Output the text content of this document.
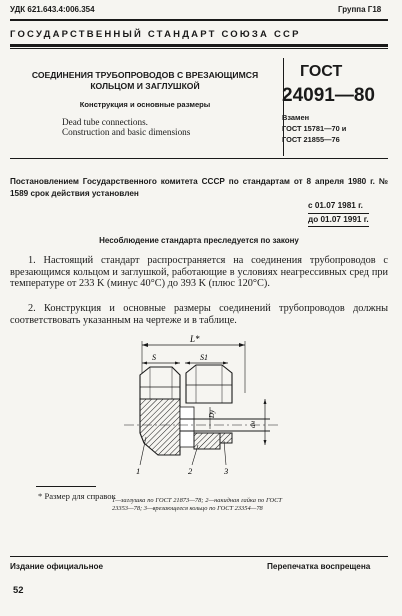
УДК 621.643.4:006.354	Группа Г18
ГОСУДАРСТВЕННЫЙ СТАНДАРТ СОЮЗА ССР
СОЕДИНЕНИЯ ТРУБОПРОВОДОВ С ВРЕЗАЮЩИМСЯ
КОЛЬЦОМ И ЗАГЛУШКОЙ
Конструкция и основные размеры
Dead tube connections.
Construction and basic dimensions
ГОСТ
24091—80
Взамен
ГОСТ 15781—70 и
ГОСТ 21855—76
Постановлением Государственного комитета СССР по стандартам от 8 апреля 1980 г. № 1589 срок действия установлен
с 01.07 1981 г.
до 01.07 1991 г.
Несоблюдение стандарта преследуется по закону
1. Настоящий стандарт распространяется на соединения трубопроводов с врезающимся кольцом и заглушкой, работающие в условиях неагрессивных сред при температуре от 233 K (минус 40°C) до 393 K (плюс 120°C).
2. Конструкция и основные размеры соединений трубопроводов должны соответствовать указанным на чертеже и в таблице.
L*
S	S1
Dy
dн
1	2	3
* Размер для справок
1—заглушка по ГОСТ 21873—78; 2—накидная гайка по ГОСТ 23353—78; 3—врезающееся кольцо по ГОСТ 23354—78
Издание официальное	Перепечатка воспрещена
52
